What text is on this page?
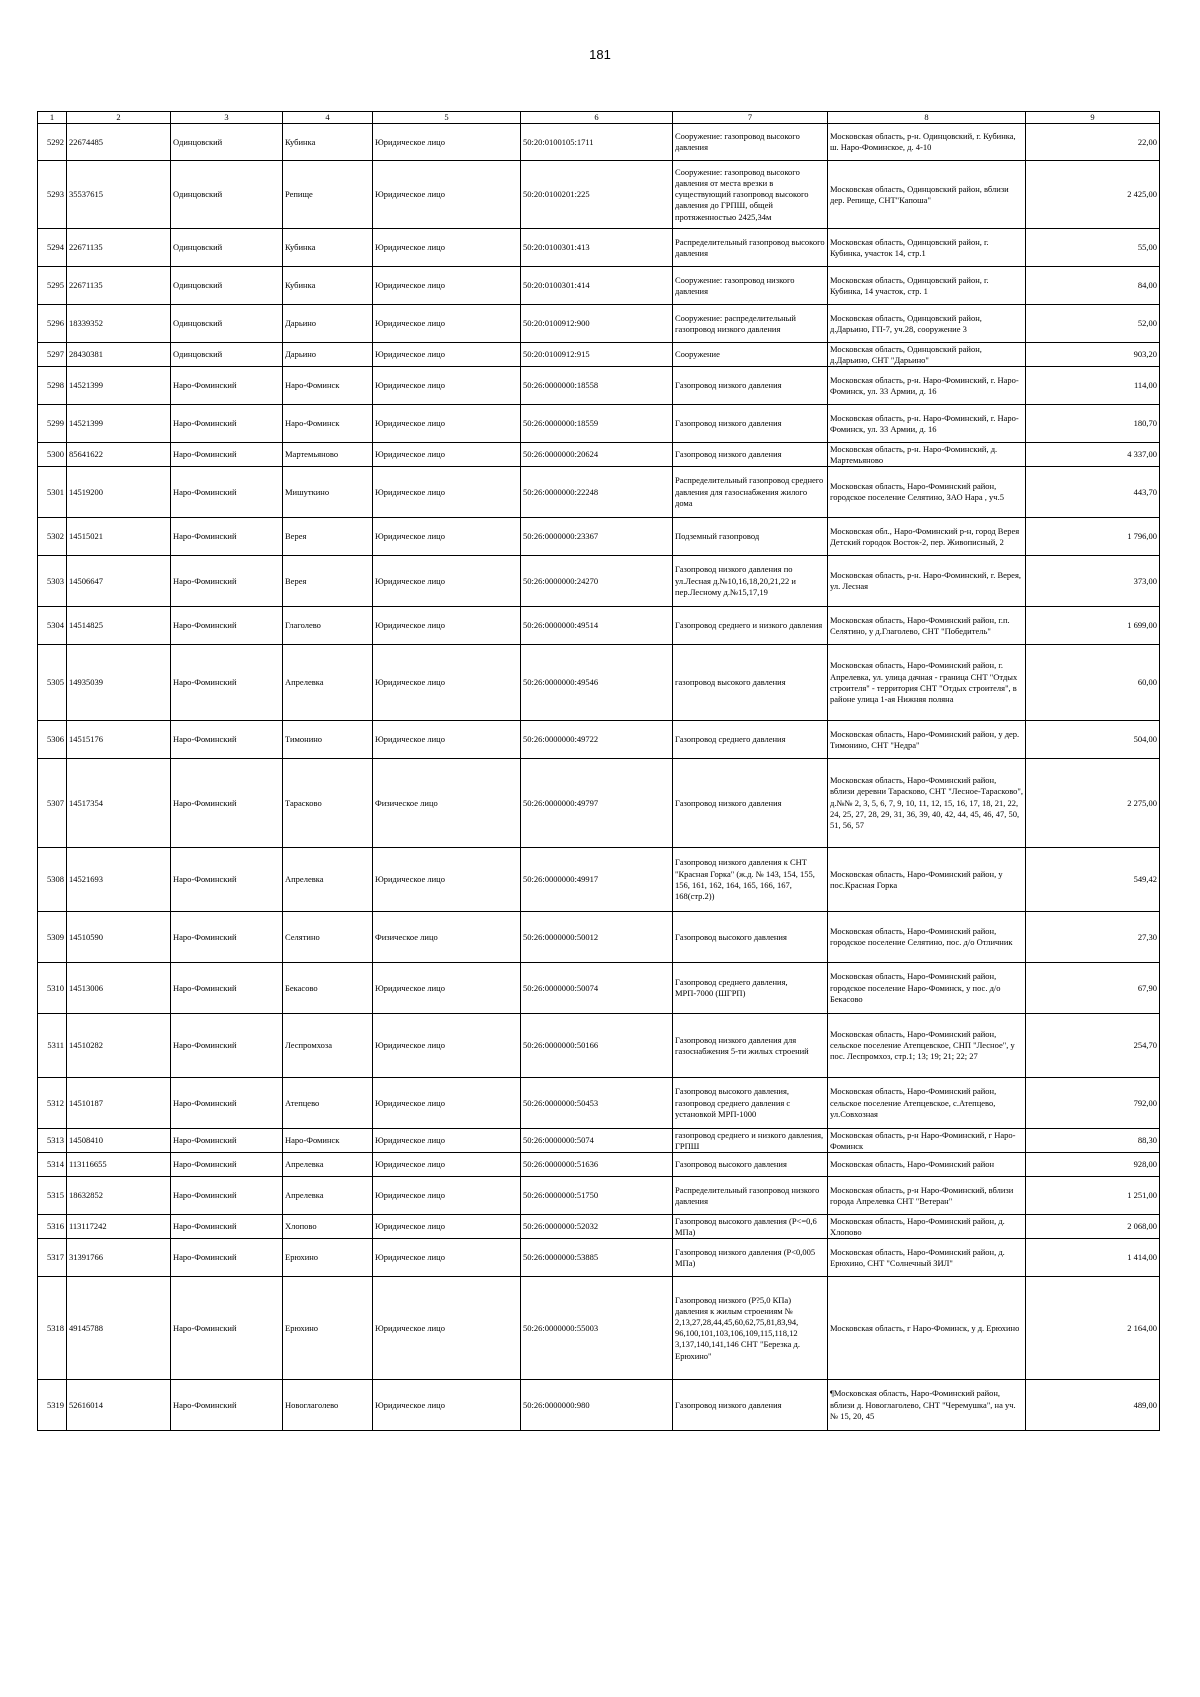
181
1	2	3	4	5	6	7	8	9
5292	22674485	Одинцовский	Кубинка	Юридическое лицо	50:20:0100105:1711	Сооружение: газопровод высокого давления	Московская область, р-н. Одинцовский, г. Кубинка, ш. Наро-Фоминское, д. 4-10	22,00
5293	35537615	Одинцовский	Репище	Юридическое лицо	50:20:0100201:225	Сооружение: газопровод высокого давления от места врезки в существующий газопровод высокого давления до ГРПШ, общей протяженностью 2425,34м	Московская область, Одинцовский район, вблизи дер. Репище, СНТ"Капоша"	2 425,00
5294	22671135	Одинцовский	Кубинка	Юридическое лицо	50:20:0100301:413	Распределительный газопровод высокого давления	Московская область, Одинцовский район, г. Кубинка, участок 14, стр.1	55,00
5295	22671135	Одинцовский	Кубинка	Юридическое лицо	50:20:0100301:414	Сооружение: газопровод низкого давления	Московская область, Одинцовский район, г. Кубинка, 14 участок, стр. 1	84,00
5296	18339352	Одинцовский	Дарьино	Юридическое лицо	50:20:0100912:900	Сооружение: распределительный газопровод низкого давления	Московская область, Одинцовский район, д.Дарьино, ГП-7, уч.28, сооружение 3	52,00
5297	28430381	Одинцовский	Дарьино	Юридическое лицо	50:20:0100912:915	Сооружение	Московская область, Одинцовский район, д.Дарьино, СНТ "Дарьино"	903,20
5298	14521399	Наро-Фоминский	Наро-Фоминск	Юридическое лицо	50:26:0000000:18558	Газопровод низкого давления	Московская область, р-н. Наро-Фоминский, г. Наро-Фоминск, ул. 33 Армии, д. 16	114,00
5299	14521399	Наро-Фоминский	Наро-Фоминск	Юридическое лицо	50:26:0000000:18559	Газопровод низкого давления	Московская область, р-н. Наро-Фоминский, г. Наро-Фоминск, ул. 33 Армии, д. 16	180,70
5300	85641622	Наро-Фоминский	Мартемьяново	Юридическое лицо	50:26:0000000:20624	Газопровод низкого давления	Московская область, р-н. Наро-Фоминский, д. Мартемьяново	4 337,00
5301	14519200	Наро-Фоминский	Мишуткино	Юридическое лицо	50:26:0000000:22248	Распределительный газопровод среднего давления для газоснабжения жилого дома	Московская область, Наро-Фоминский район, городское поселение Селятино, ЗАО Нара , уч.5	443,70
5302	14515021	Наро-Фоминский	Верея	Юридическое лицо	50:26:0000000:23367	Подземный газопровод	Московская обл., Наро-Фоминский р-н, город Верея Детский городок Восток-2, пер. Живописный, 2	1 796,00
5303	14506647	Наро-Фоминский	Верея	Юридическое лицо	50:26:0000000:24270	Газопровод низкого давления по ул.Лесная д.№10,16,18,20,21,22 и пер.Лесному д.№15,17,19	Московская область, р-н. Наро-Фоминский, г. Верея, ул. Лесная	373,00
5304	14514825	Наро-Фоминский	Глаголево	Юридическое лицо	50:26:0000000:49514	Газопровод среднего и низкого давления	Московская область, Наро-Фоминский район, г.п. Селятино, у д.Глаголево, СНТ "Победитель"	1 699,00
5305	14935039	Наро-Фоминский	Апрелевка	Юридическое лицо	50:26:0000000:49546	газопровод высокого давления	Московская область, Наро-Фоминский район, г. Апрелевка, ул. улица дачная - граница СНТ "Отдых строителя" - территория СНТ "Отдых строителя", в районе улица 1-ая Нижняя поляна	60,00
5306	14515176	Наро-Фоминский	Тимонино	Юридическое лицо	50:26:0000000:49722	Газопровод среднего давления	Московская область, Наро-Фоминский район, у дер. Тимонино, СНТ "Недра"	504,00
5307	14517354	Наро-Фоминский	Тарасково	Физическое лицо	50:26:0000000:49797	Газопровод низкого давления	Московская область, Наро-Фоминский район, вблизи деревни Тарасково, СНТ "Лесное-Тарасково", д.№№ 2, 3, 5, 6, 7, 9, 10, 11, 12, 15, 16, 17, 18, 21, 22, 24, 25, 27, 28, 29, 31, 36, 39, 40, 42, 44, 45, 46, 47, 50, 51, 56, 57	2 275,00
5308	14521693	Наро-Фоминский	Апрелевка	Юридическое лицо	50:26:0000000:49917	Газопровод низкого давления к СНТ "Красная Горка" (ж.д. № 143, 154, 155, 156, 161, 162, 164, 165, 166, 167, 168(стр.2))	Московская область, Наро-Фоминский район, у пос.Красная Горка	549,42
5309	14510590	Наро-Фоминский	Селятино	Физическое лицо	50:26:0000000:50012	Газопровод высокого давления	Московская область, Наро-Фоминский район, городское поселение Селятино, пос. д/о Отличник	27,30
5310	14513006	Наро-Фоминский	Бекасово	Юридическое лицо	50:26:0000000:50074	Газопровод среднего давления, МРП-7000 (ШГРП)	Московская область, Наро-Фоминский район, городское поселение Наро-Фоминск, у пос. д/о Бекасово	67,90
5311	14510282	Наро-Фоминский	Леспромхоза	Юридическое лицо	50:26:0000000:50166	Газопровод низкого давления для газоснабжения 5-ти жилых строений	Московская область, Наро-Фоминский район, сельское поселение Атепцевское, СНП "Лесное", у пос. Леспромхоз, стр.1; 13; 19; 21; 22; 27	254,70
5312	14510187	Наро-Фоминский	Атепцево	Юридическое лицо	50:26:0000000:50453	Газопровод высокого давления, газопровод среднего давления с установкой МРП-1000	Московская область, Наро-Фоминский район, сельское поселение Атепцевское, с.Атепцево, ул.Совхозная	792,00
5313	14508410	Наро-Фоминский	Наро-Фоминск	Юридическое лицо	50:26:0000000:5074	газопровод среднего и низкого давления, ГРПШ	Московская область, р-н Наро-Фоминский, г Наро-Фоминск	88,30
5314	113116655	Наро-Фоминский	Апрелевка	Юридическое лицо	50:26:0000000:51636	Газопровод высокого давления	Московская область, Наро-Фоминский район	928,00
5315	18632852	Наро-Фоминский	Апрелевка	Юридическое лицо	50:26:0000000:51750	Распределительный газопровод низкого давления	Московская область, р-н Наро-Фоминский, вблизи города Апрелевка СНТ "Ветеран"	1 251,00
5316	113117242	Наро-Фоминский	Хлопово	Юридическое лицо	50:26:0000000:52032	Газопровод высокого давления (Р<=0,6 МПа)	Московская область, Наро-Фоминский район, д. Хлопово	2 068,00
5317	31391766	Наро-Фоминский	Ерюхино	Юридическое лицо	50:26:0000000:53885	Газопровод низкого давления (Р<0,005 МПа)	Московская область, Наро-Фоминский район, д. Ерюхино, СНТ "Солнечный ЗИЛ"	1 414,00
5318	49145788	Наро-Фоминский	Ерюхино	Юридическое лицо	50:26:0000000:55003	Газопровод низкого (Р?5,0 КПа) давления к жилым строениям № 2,13,27,28,44,45,60,62,75,81,83,94, 96,100,101,103,106,109,115,118,12 3,137,140,141,146 СНТ "Березка д. Ерюхино"	Московская область, г Наро-Фоминск, у д. Ерюхино	2 164,00
5319	52616014	Наро-Фоминский	Новоглаголево	Юридическое лицо	50:26:0000000:980	Газопровод низкого давления	¶Московская область, Наро-Фоминский район, вблизи д. Новоглаголево, СНТ "Черемушка", на уч. № 15, 20, 45	489,00
